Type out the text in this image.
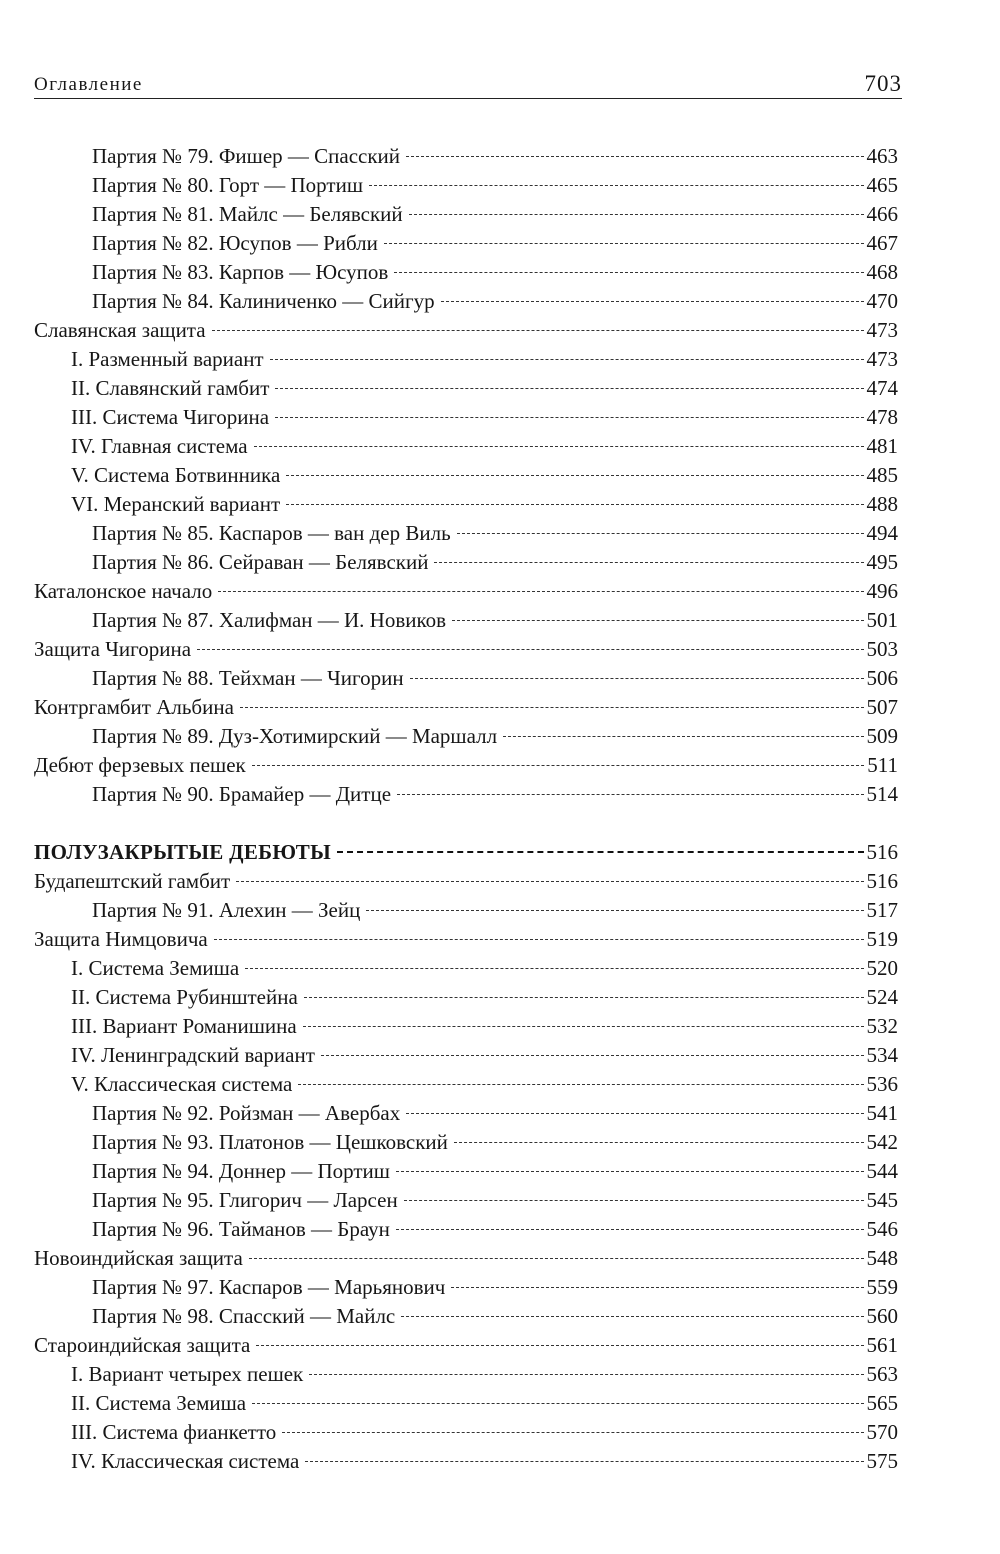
Оглавление	703
Партия № 79. Фишер — Спасский	463
Партия № 80. Горт — Портиш	465
Партия № 81. Майлс — Белявский	466
Партия № 82. Юсупов — Рибли	467
Партия № 83. Карпов — Юсупов	468
Партия № 84. Калиниченко — Сийгур	470
Славянская защита	473
I. Разменный вариант	473
II. Славянский гамбит	474
III. Система Чигорина	478
IV. Главная система	481
V. Система Ботвинника	485
VI. Меранский вариант	488
Партия № 85. Каспаров — ван дер Виль	494
Партия № 86. Сейраван — Белявский	495
Каталонское начало	496
Партия № 87. Халифман — И. Новиков	501
Защита Чигорина	503
Партия № 88. Тейхман — Чигорин	506
Контргамбит Альбина	507
Партия № 89. Дуз-Хотимирский — Маршалл	509
Дебют ферзевых пешек	511
Партия № 90. Брамайер — Дитце	514
ПОЛУЗАКРЫТЫЕ ДЕБЮТЫ	516
Будапештский гамбит	516
Партия № 91. Алехин — Зейц	517
Защита Нимцовича	519
I. Система Земиша	520
II. Система Рубинштейна	524
III. Вариант Романишина	532
IV. Ленинградский вариант	534
V. Классическая система	536
Партия № 92. Ройзман — Авербах	541
Партия № 93. Платонов — Цешковский	542
Партия № 94. Доннер — Портиш	544
Партия № 95. Глигорич — Ларсен	545
Партия № 96. Тайманов — Браун	546
Новоиндийская защита	548
Партия № 97. Каспаров — Марьянович	559
Партия № 98. Спасский — Майлс	560
Староиндийская защита	561
I. Вариант четырех пешек	563
II. Система Земиша	565
III. Система фианкетто	570
IV. Классическая система	575
